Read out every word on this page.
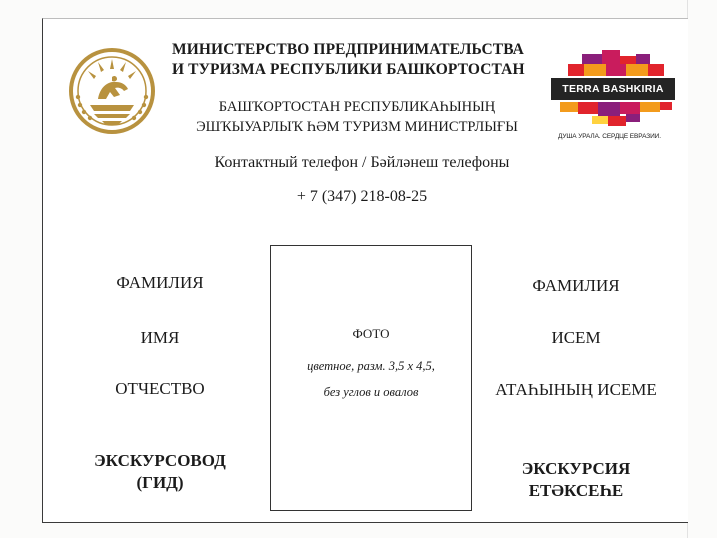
МИНИСТЕРСТВО ПРЕДПРИНИМАТЕЛЬСТВА
И ТУРИЗМА РЕСПУБЛИКИ БАШКОРТОСТАН
БАШҠОРТОСТАН РЕСПУБЛИКАҺЫНЫҢ
ЭШҠЫУАРЛЫҠ ҺӘМ ТУРИЗМ МИНИСТРЛЫҒЫ
Контактный телефон / Бәйләнеш телефоны
+ 7 (347) 218-08-25
TERRA BASHKIRIA
ДУША УРАЛА. СЕРДЦЕ ЕВРАЗИИ.
ФАМИЛИЯ
ИМЯ
ОТЧЕСТВО
ЭКСКУРСОВОД
(ГИД)
ФОТО
цветное, разм. 3,5 х 4,5,
без углов и овалов
ФАМИЛИЯ
ИСЕМ
АТАҺЫНЫҢ ИСЕМЕ
ЭКСКУРСИЯ
ЕТӘКСЕҺЕ
